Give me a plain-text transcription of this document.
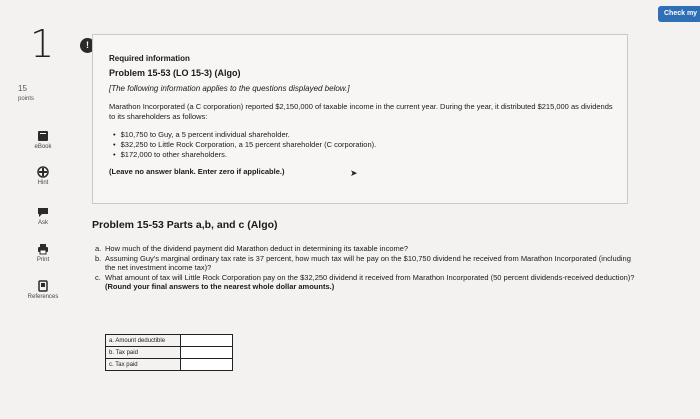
Check my
1	!
15
points
eBook
Hint
Ask
Print
References
Required information
Problem 15-53 (LO 15-3) (Algo)
[The following information applies to the questions displayed below.]
Marathon Incorporated (a C corporation) reported $2,150,000 of taxable income in the current year. During the year, it distributed $215,000 as dividends to its shareholders as follows:
• $10,750 to Guy, a 5 percent individual shareholder.
• $32,250 to Little Rock Corporation, a 15 percent shareholder (C corporation).
• $172,000 to other shareholders.
(Leave no answer blank. Enter zero if applicable.)	➤
Problem 15-53 Parts a,b, and c (Algo)
a. How much of the dividend payment did Marathon deduct in determining its taxable income?
b. Assuming Guy's marginal ordinary tax rate is 37 percent, how much tax will he pay on the $10,750 dividend he received from Marathon Incorporated (including the net investment income tax)?
c. What amount of tax will Little Rock Corporation pay on the $32,250 dividend it received from Marathon Incorporated (50 percent dividends-received deduction)?
(Round your final answers to the nearest whole dollar amounts.)
a. Amount deductible	
b. Tax paid	
c. Tax paid	
